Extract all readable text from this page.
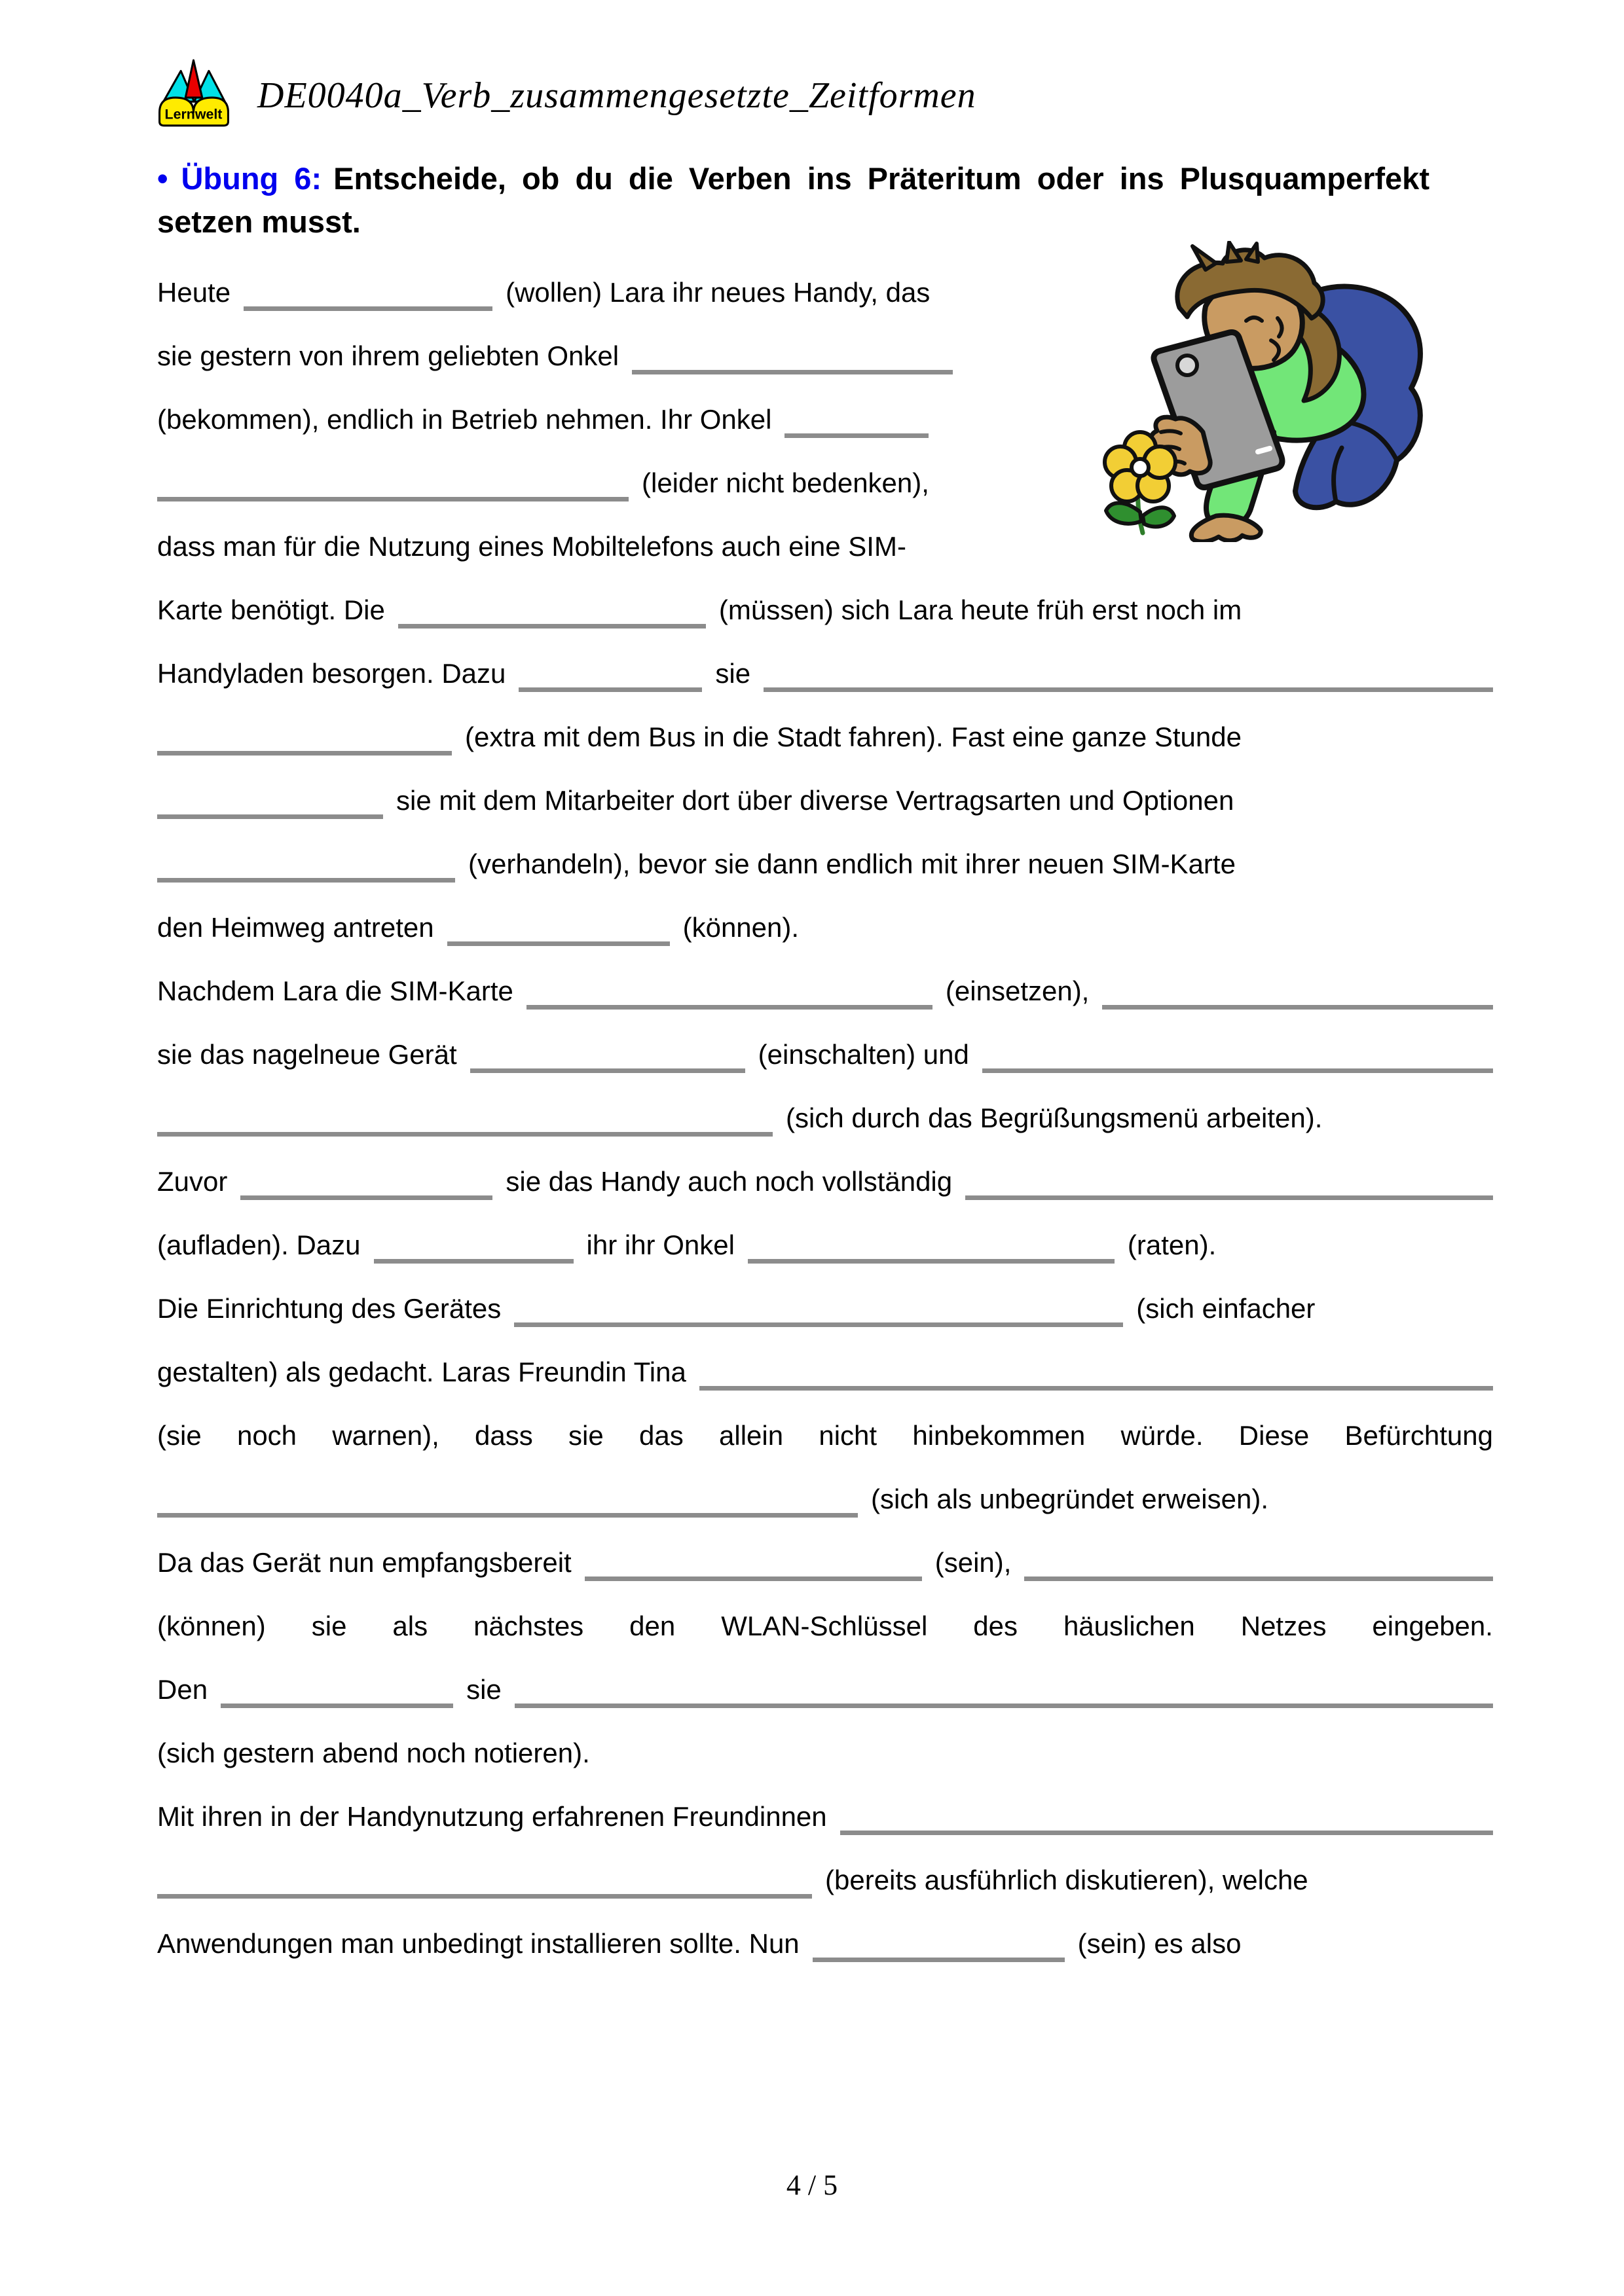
Lernwelt DE0040a_Verb_zusammengesetzte_Zeitformen

• Übung 6: Entscheide, ob du die Verben ins Präteritum oder ins Plusquamperfekt

setzen musst.

Heute	(wollen) Lara ihr neues Handy, das
sie gestern von ihrem geliebten Onkel
(bekommen), endlich in Betrieb nehmen. Ihr Onkel
(leider nicht bedenken),
dass man für die Nutzung eines Mobiltelefons auch eine SIM-
Karte benötigt. Die	(müssen) sich Lara heute früh erst noch im
Handyladen besorgen. Dazu	sie
(extra mit dem Bus in die Stadt fahren). Fast eine ganze Stunde
sie mit dem Mitarbeiter dort über diverse Vertragsarten und Optionen
(verhandeln), bevor sie dann endlich mit ihrer neuen SIM-Karte
den Heimweg antreten	(können).
Nachdem Lara die SIM-Karte	(einsetzen),
sie das nagelneue Gerät	(einschalten) und
(sich durch das Begrüßungsmenü arbeiten).
Zuvor	sie das Handy auch noch vollständig
(aufladen). Dazu	ihr ihr Onkel	(raten).
Die Einrichtung des Gerätes	(sich einfacher
gestalten) als gedacht. Laras Freundin Tina
(sie noch warnen), dass sie das allein nicht hinbekommen würde. Diese Befürchtung
(sich als unbegründet erweisen).
Da das Gerät nun empfangsbereit	(sein),
(können) sie als nächstes den WLAN-Schlüssel des häuslichen Netzes eingeben.
Den	sie
(sich gestern abend noch notieren).
Mit ihren in der Handynutzung erfahrenen Freundinnen
(bereits ausführlich diskutieren), welche
Anwendungen man unbedingt installieren sollte. Nun	(sein) es also
4 / 5
